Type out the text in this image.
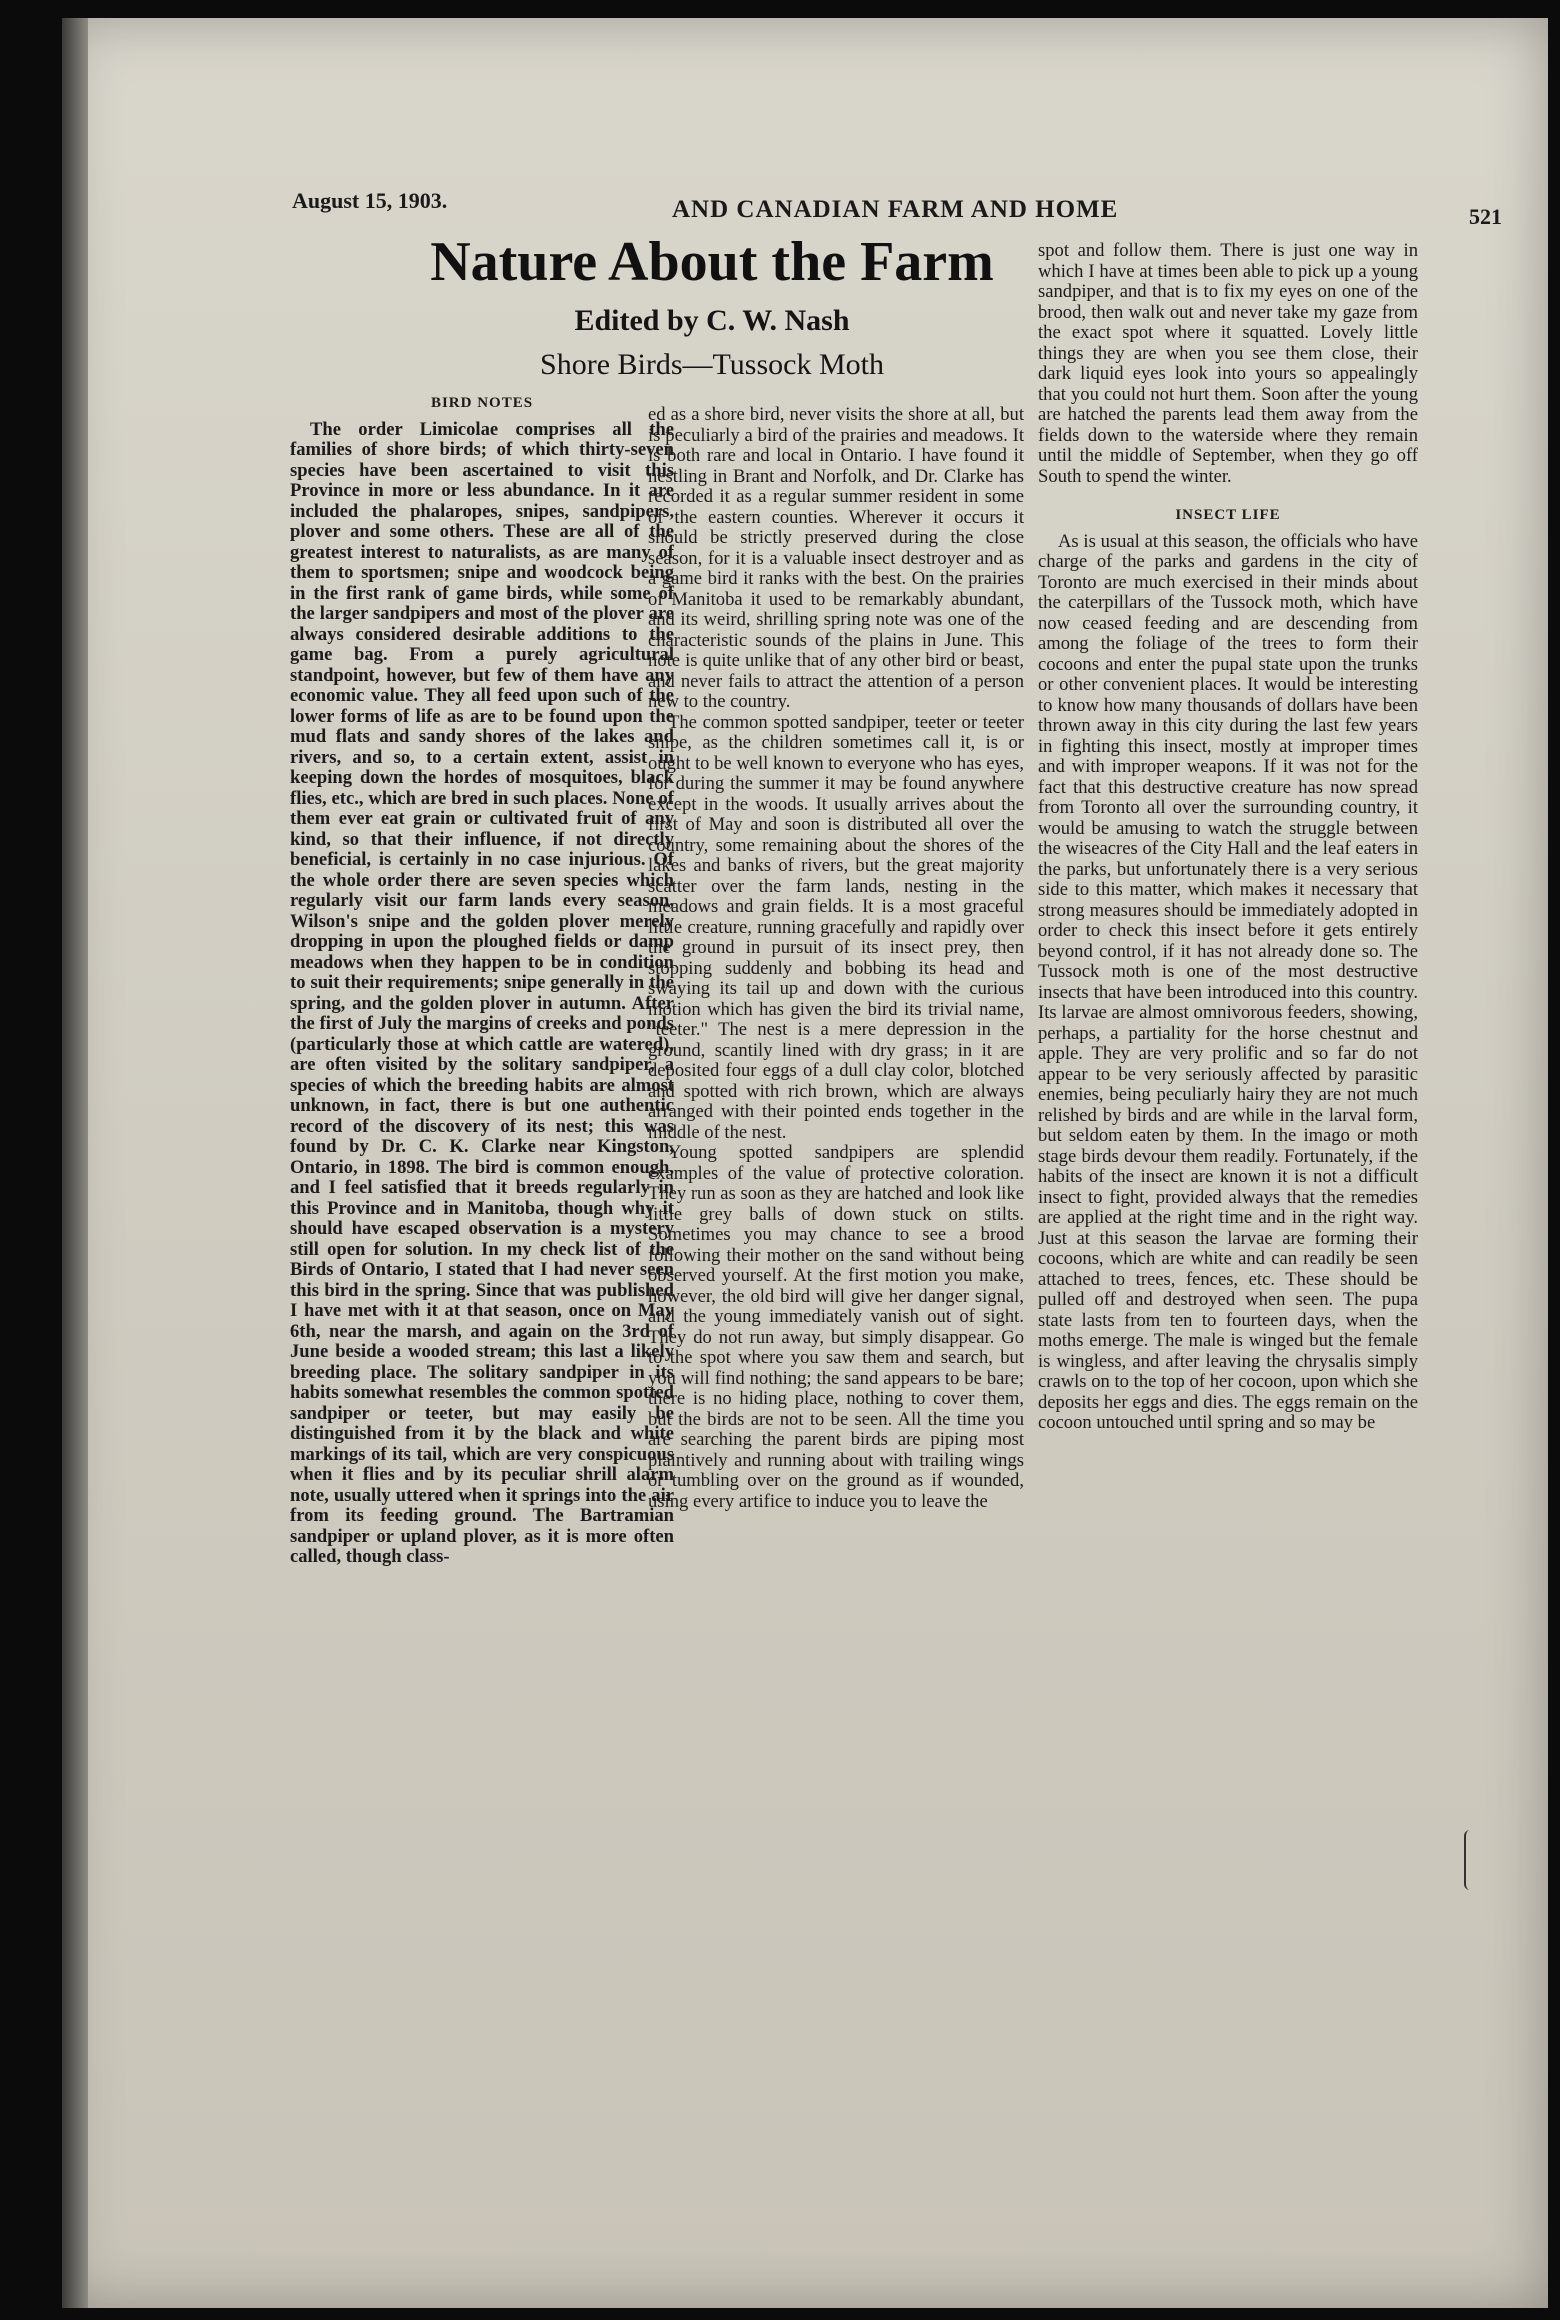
August 15, 1903.	AND CANADIAN FARM AND HOME	521
Nature About the Farm
Edited by C. W. Nash
Shore Birds—Tussock Moth
BIRD NOTES

The order Limicolae comprises all the families of shore birds; of which thirty-seven species have been ascertained to visit this Province in more or less abundance. In it are included the phalaropes, snipes, sandpipers, plover and some others. These are all of the greatest interest to naturalists, as are many of them to sportsmen; snipe and woodcock being in the first rank of game birds, while some of the larger sandpipers and most of the plover are always considered desirable additions to the game bag. From a purely agricultural standpoint, however, but few of them have any economic value. They all feed upon such of the lower forms of life as are to be found upon the mud flats and sandy shores of the lakes and rivers, and so, to a certain extent, assist in keeping down the hordes of mosquitoes, black flies, etc., which are bred in such places. None of them ever eat grain or cultivated fruit of any kind, so that their influence, if not directly beneficial, is certainly in no case injurious. Of the whole order there are seven species which regularly visit our farm lands every season, Wilson's snipe and the golden plover merely dropping in upon the ploughed fields or damp meadows when they happen to be in condition to suit their requirements; snipe generally in the spring, and the golden plover in autumn. After the first of July the margins of creeks and ponds (particularly those at which cattle are watered), are often visited by the solitary sandpiper, a species of which the breeding habits are almost unknown, in fact, there is but one authentic record of the discovery of its nest; this was found by Dr. C. K. Clarke near Kingston, Ontario, in 1898. The bird is common enough, and I feel satisfied that it breeds regularly in this Province and in Manitoba, though why it should have escaped observation is a mystery still open for solution. In my check list of the Birds of Ontario, I stated that I had never seen this bird in the spring. Since that was published I have met with it at that season, once on May 6th, near the marsh, and again on the 3rd of June beside a wooded stream; this last a likely breeding place. The solitary sandpiper in its habits somewhat resembles the common spotted sandpiper or teeter, but may easily be distinguished from it by the black and white markings of its tail, which are very conspicuous when it flies and by its peculiar shrill alarm note, usually uttered when it springs into the air from its feeding ground. The Bartramian sandpiper or upland plover, as it is more often called, though class-

ed as a shore bird, never visits the shore at all, but is peculiarly a bird of the prairies and meadows. It is both rare and local in Ontario. I have found it nestling in Brant and Norfolk, and Dr. Clarke has recorded it as a regular summer resident in some of the eastern counties. Wherever it occurs it should be strictly preserved during the close season, for it is a valuable insect destroyer and as a game bird it ranks with the best. On the prairies of Manitoba it used to be remarkably abundant, and its weird, shrilling spring note was one of the characteristic sounds of the plains in June. This note is quite unlike that of any other bird or beast, and never fails to attract the attention of a person new to the country.

The common spotted sandpiper, teeter or teeter snipe, as the children sometimes call it, is or ought to be well known to everyone who has eyes, for during the summer it may be found anywhere except in the woods. It usually arrives about the first of May and soon is distributed all over the country, some remaining about the shores of the lakes and banks of rivers, but the great majority scatter over the farm lands, nesting in the meadows and grain fields. It is a most graceful little creature, running gracefully and rapidly over the ground in pursuit of its insect prey, then stopping suddenly and bobbing its head and swaying its tail up and down with the curious motion which has given the bird its trivial name, "teeter." The nest is a mere depression in the ground, scantily lined with dry grass; in it are deposited four eggs of a dull clay color, blotched and spotted with rich brown, which are always arranged with their pointed ends together in the middle of the nest.

Young spotted sandpipers are splendid examples of the value of protective coloration. They run as soon as they are hatched and look like little grey balls of down stuck on stilts. Sometimes you may chance to see a brood following their mother on the sand without being observed yourself. At the first motion you make, however, the old bird will give her danger signal, and the young immediately vanish out of sight. They do not run away, but simply disappear. Go to the spot where you saw them and search, but you will find nothing; the sand appears to be bare; there is no hiding place, nothing to cover them, but the birds are not to be seen. All the time you are searching the parent birds are piping most plaintively and running about with trailing wings or tumbling over on the ground as if wounded, using every artifice to induce you to leave the

spot and follow them. There is just one way in which I have at times been able to pick up a young sandpiper, and that is to fix my eyes on one of the brood, then walk out and never take my gaze from the exact spot where it squatted. Lovely little things they are when you see them close, their dark liquid eyes look into yours so appealingly that you could not hurt them. Soon after the young are hatched the parents lead them away from the fields down to the waterside where they remain until the middle of September, when they go off South to spend the winter.

INSECT LIFE

As is usual at this season, the officials who have charge of the parks and gardens in the city of Toronto are much exercised in their minds about the caterpillars of the Tussock moth, which have now ceased feeding and are descending from among the foliage of the trees to form their cocoons and enter the pupal state upon the trunks or other convenient places. It would be interesting to know how many thousands of dollars have been thrown away in this city during the last few years in fighting this insect, mostly at improper times and with improper weapons. If it was not for the fact that this destructive creature has now spread from Toronto all over the surrounding country, it would be amusing to watch the struggle between the wiseacres of the City Hall and the leaf eaters in the parks, but unfortunately there is a very serious side to this matter, which makes it necessary that strong measures should be immediately adopted in order to check this insect before it gets entirely beyond control, if it has not already done so. The Tussock moth is one of the most destructive insects that have been introduced into this country. Its larvae are almost omnivorous feeders, showing, perhaps, a partiality for the horse chestnut and apple. They are very prolific and so far do not appear to be very seriously affected by parasitic enemies, being peculiarly hairy they are not much relished by birds and are while in the larval form, but seldom eaten by them. In the imago or moth stage birds devour them readily. Fortunately, if the habits of the insect are known it is not a difficult insect to fight, provided always that the remedies are applied at the right time and in the right way. Just at this season the larvae are forming their cocoons, which are white and can readily be seen attached to trees, fences, etc. These should be pulled off and destroyed when seen. The pupa state lasts from ten to fourteen days, when the moths emerge. The male is winged but the female is wingless, and after leaving the chrysalis simply crawls on to the top of her cocoon, upon which she deposits her eggs and dies. The eggs remain on the cocoon untouched until spring and so may be
